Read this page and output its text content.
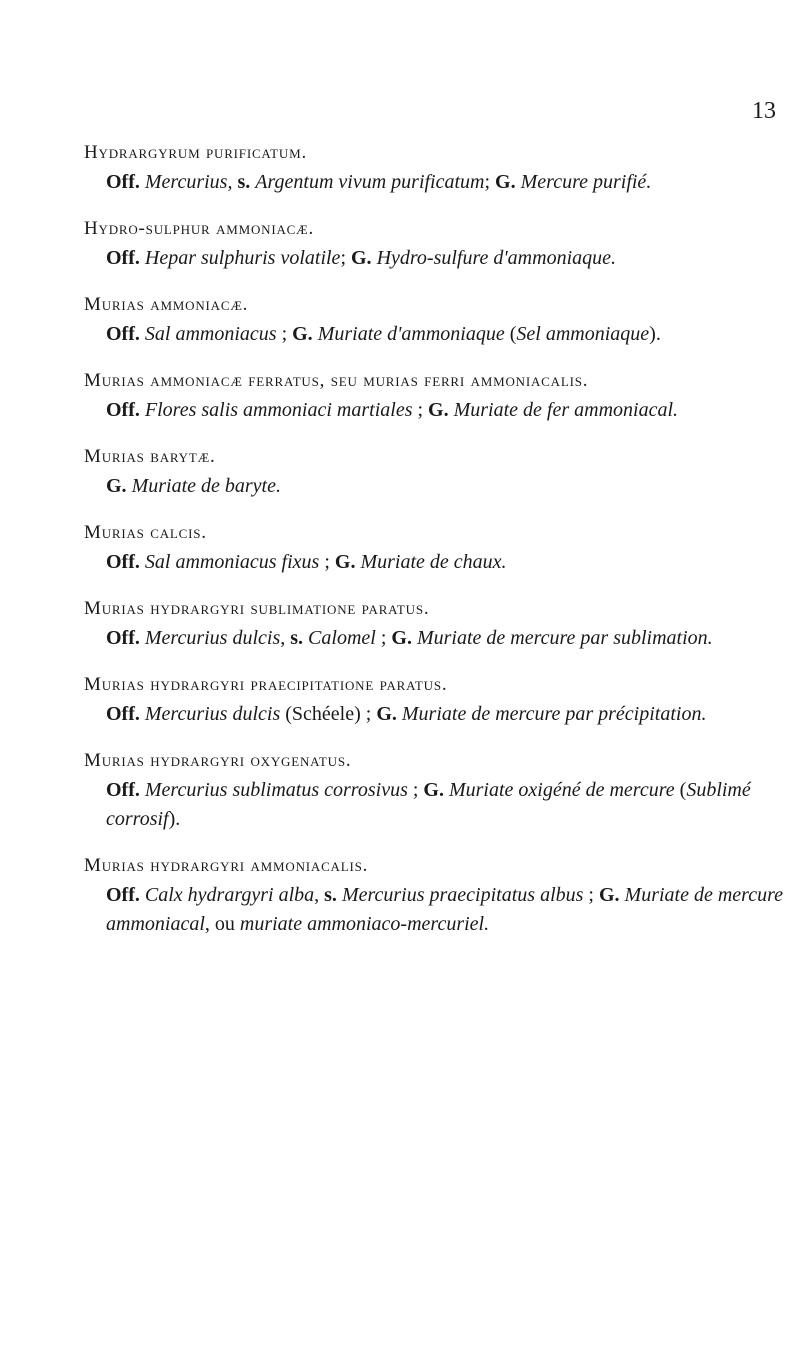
13
Hydrargyrum purificatum.
Off. Mercurius, s. Argentum vivum purificatum; G. Mercure purifié.
Hydro-sulphur ammoniacæ.
Off. Hepar sulphuris volatile; G. Hydro-sulfure d'ammoniaque.
Murias ammoniacæ.
Off. Sal ammoniacus ; G. Muriate d'ammoniaque (Sel ammoniaque).
Murias ammoniacæ ferratus, seu murias ferri ammoniacalis.
Off. Flores salis ammoniaci martiales ; G. Muriate de fer ammoniacal.
Murias barytæ.
G. Muriate de baryte.
Murias calcis.
Off. Sal ammoniacus fixus ; G. Muriate de chaux.
Murias hydrargyri sublimatione paratus.
Off. Mercurius dulcis, s. Calomel ; G. Muriate de mercure par sublimation.
Murias hydrargyri praecipitatione paratus.
Off. Mercurius dulcis (Schéele) ; G. Muriate de mercure par précipitation.
Murias hydrargyri oxygenatus.
Off. Mercurius sublimatus corrosivus ; G. Muriate oxigéné de mercure (Sublimé corrosif).
Murias hydrargyri ammoniacalis.
Off. Calx hydrargyri alba, s. Mercurius praecipitatus albus ; G. Muriate de mercure ammoniacal, ou muriate ammoniaco-mercuriel.
